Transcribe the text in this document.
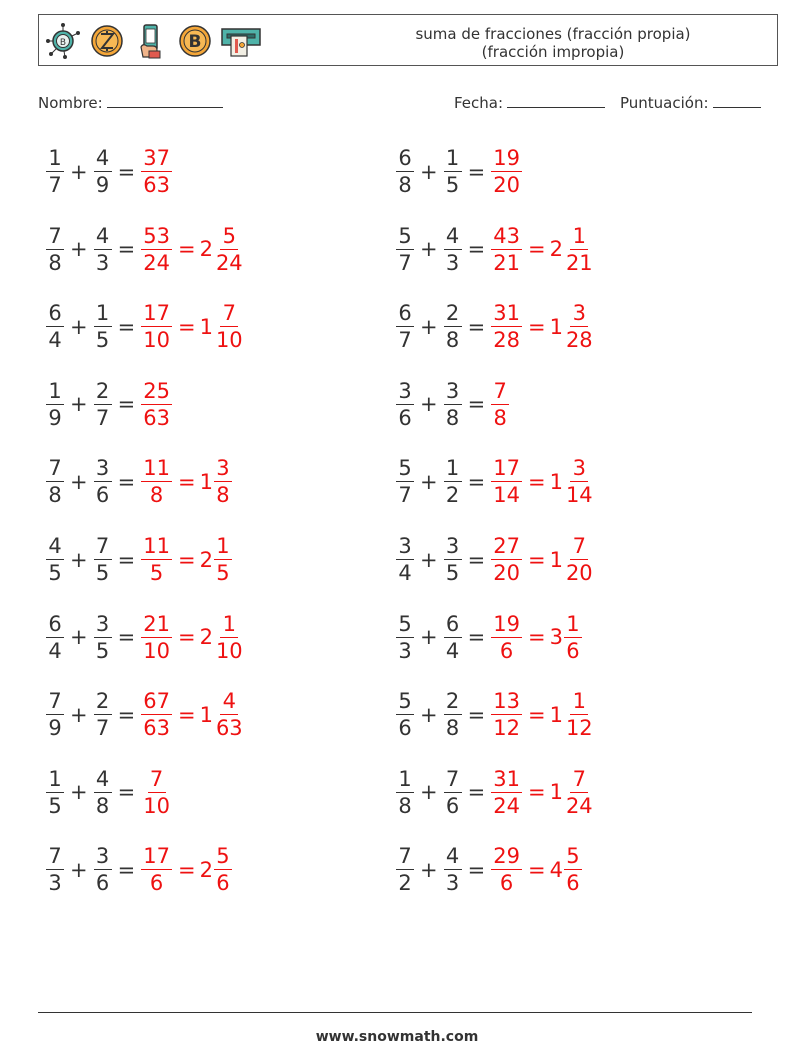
B	B	suma de fracciones (fracción propia)
(fracción impropia)
Nombre:	Fecha:	Puntuación:
$\frac{1}{7} + \frac{4}{9} = \frac{37}{63}$	$\frac{6}{8} + \frac{1}{5} = \frac{19}{20}$
$\frac{7}{8} + \frac{4}{3} = \frac{53}{24} = 2 \frac{5}{24}$	$\frac{5}{7} + \frac{4}{3} = \frac{43}{21} = 2 \frac{1}{21}$
$\frac{6}{4} + \frac{1}{5} = \frac{17}{10} = 1 \frac{7}{10}$	$\frac{6}{7} + \frac{2}{8} = \frac{31}{28} = 1 \frac{3}{28}$
$\frac{1}{9} + \frac{2}{7} = \frac{25}{63}$	$\frac{3}{6} + \frac{3}{8} = \frac{7}{8}$
$\frac{7}{8} + \frac{3}{6} = \frac{11}{8} = 1 \frac{3}{8}$	$\frac{5}{7} + \frac{1}{2} = \frac{17}{14} = 1 \frac{3}{14}$
$\frac{4}{5} + \frac{7}{5} = \frac{11}{5} = 2 \frac{1}{5}$	$\frac{3}{4} + \frac{3}{5} = \frac{27}{20} = 1 \frac{7}{20}$
$\frac{6}{4} + \frac{3}{5} = \frac{21}{10} = 2 \frac{1}{10}$	$\frac{5}{3} + \frac{6}{4} = \frac{19}{6} = 3 \frac{1}{6}$
$\frac{7}{9} + \frac{2}{7} = \frac{67}{63} = 1 \frac{4}{63}$	$\frac{5}{6} + \frac{2}{8} = \frac{13}{12} = 1 \frac{1}{12}$
$\frac{1}{5} + \frac{4}{8} = \frac{7}{10}$	$\frac{1}{8} + \frac{7}{6} = \frac{31}{24} = 1 \frac{7}{24}$
$\frac{7}{3} + \frac{3}{6} = \frac{17}{6} = 2 \frac{5}{6}$	$\frac{7}{2} + \frac{4}{3} = \frac{29}{6} = 4 \frac{5}{6}$
www.snowmath.com
